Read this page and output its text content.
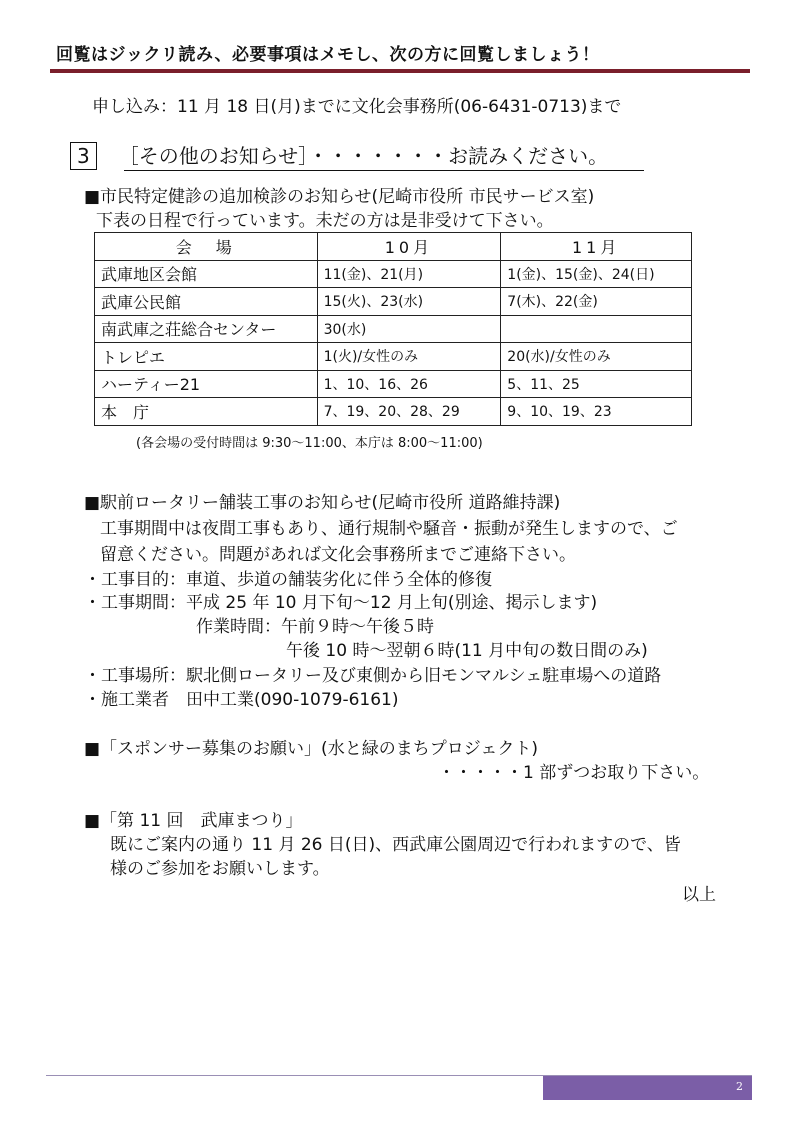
回覧はジックリ読み、必要事項はメモし、次の方に回覧しましょう！
申し込み：11 月 18 日(月)までに文化会事務所(06-6431-0713)まで
3 ［その他のお知らせ］・・・・・・・お読みください。
■市民特定健診の追加検診のお知らせ(尼崎市役所 市民サービス室)
下表の日程で行っています。未だの方は是非受けて下さい。
会　場	10月	11月
武庫地区会館	11(金)、21(月)	1(金)、15(金)、24(日)
武庫公民館	15(火)、23(水)	7(木)、22(金)
南武庫之荘総合センター	30(水)	
トレピエ	1(火)/女性のみ	20(水)/女性のみ
ハーティー21	1、10、16、26	5、11、25
本　庁	7、19、20、28、29	9、10、19、23
(各会場の受付時間は 9:30～11:00、本庁は 8:00～11:00)
■駅前ロータリー舗装工事のお知らせ(尼崎市役所 道路維持課)
工事期間中は夜間工事もあり、通行規制や騒音・振動が発生しますので、ご
留意ください。問題があれば文化会事務所までご連絡下さい。
・工事目的：車道、歩道の舗装劣化に伴う全体的修復
・工事期間：平成 25 年 10 月下旬～12 月上旬(別途、掲示します)
作業時間：午前９時～午後５時
午後 10 時～翌朝６時(11 月中旬の数日間のみ)
・工事場所：駅北側ロータリー及び東側から旧モンマルシェ駐車場への道路
・施工業者　田中工業(090-1079-6161)
■「スポンサー募集のお願い」(水と緑のまちプロジェクト)
・・・・・1 部ずつお取り下さい。
■「第 11 回　武庫まつり」
既にご案内の通り 11 月 26 日(日)、西武庫公園周辺で行われますので、皆
様のご参加をお願いします。
以上
2
